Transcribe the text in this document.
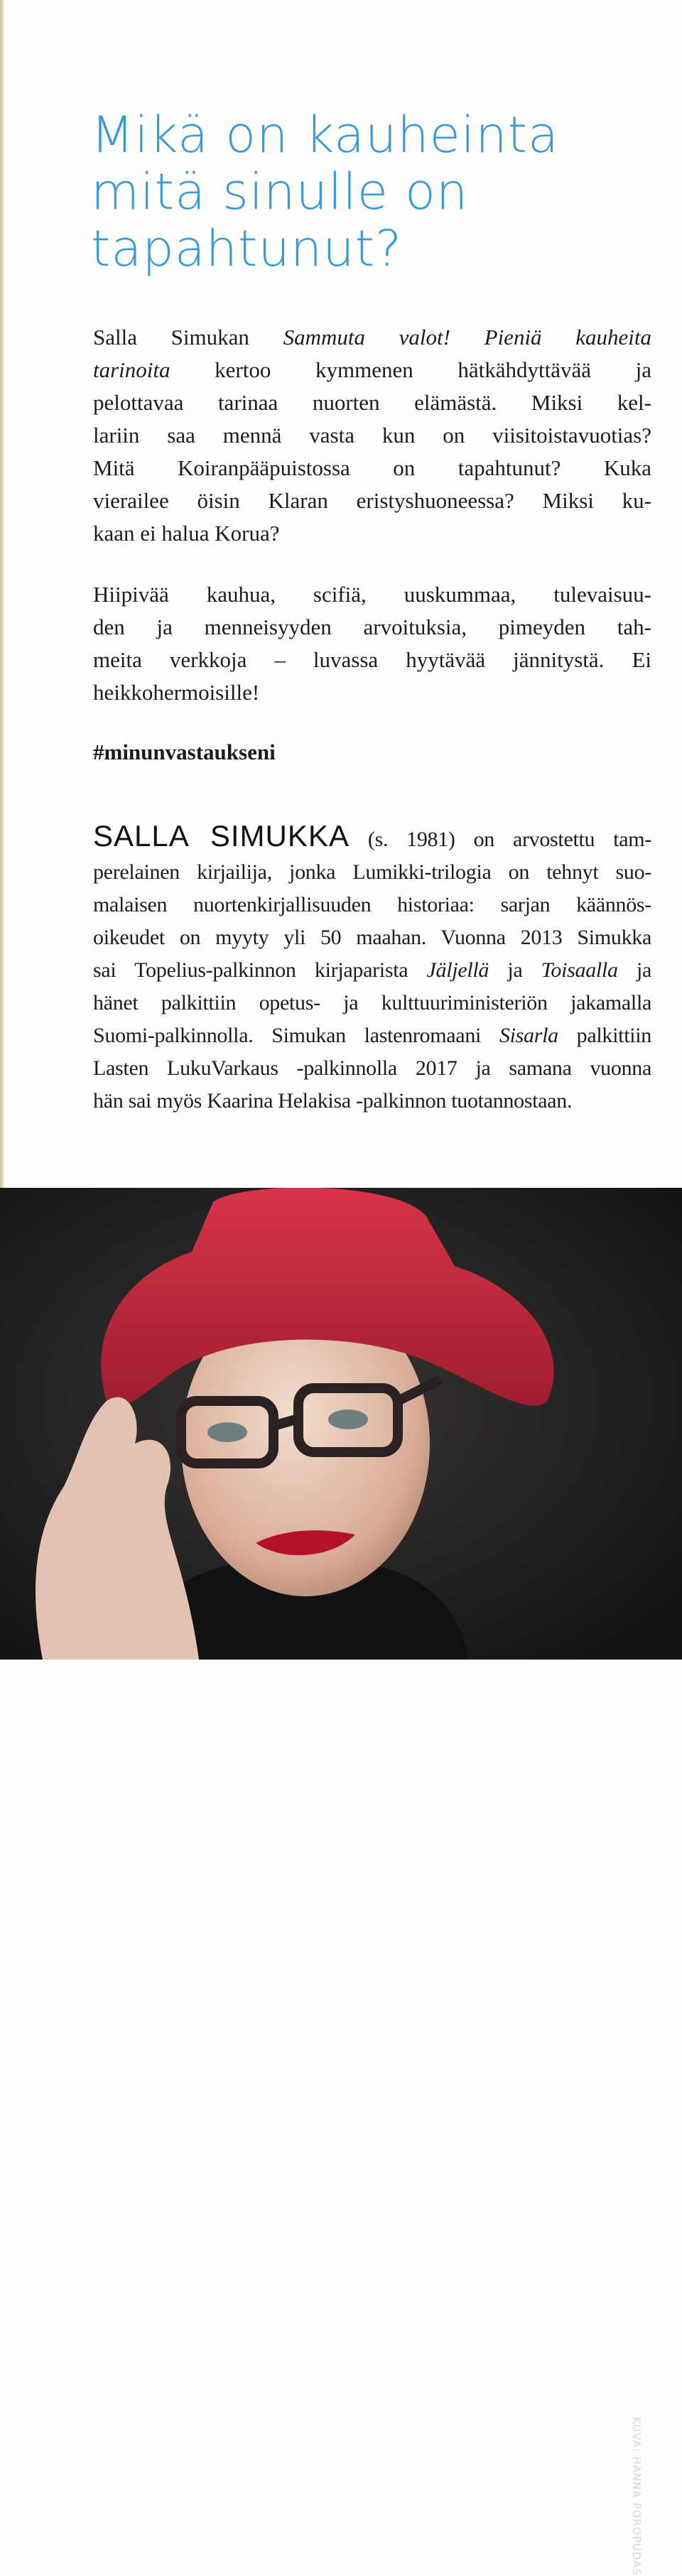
Mikä on kauheinta
mitä sinulle on
tapahtunut?
Salla Simukan Sammuta valot! Pieniä kauheita
tarinoita kertoo kymmenen hätkähdyttävää ja
pelottavaa tarinaa nuorten elämästä. Miksi kel-
lariin saa mennä vasta kun on viisitoistavuotias?
Mitä Koiranpääpuistossa on tapahtunut? Kuka
vierailee öisin Klaran eristyshuoneessa? Miksi ku-
kaan ei halua Korua?
Hiipivää kauhua, scifiä, uuskummaa, tulevaisuu-
den ja menneisyyden arvoituksia, pimeyden tah-
meita verkkoja – luvassa hyytävää jännitystä. Ei
heikkohermoisille!
#minunvastaukseni
SALLA SIMUKKA (s. 1981) on arvostettu tam-
perelainen kirjailija, jonka Lumikki-trilogia on tehnyt suo-
malaisen nuortenkirjallisuuden historiaa: sarjan käännös-
oikeudet on myyty yli 50 maahan. Vuonna 2013 Simukka
sai Topelius-palkinnon kirjaparista Jäljellä ja Toisaalla ja
hänet palkittiin opetus- ja kulttuuriministeriön jakamalla
Suomi-palkinnolla. Simukan lastenromaani Sisarla palkittiin
Lasten LukuVarkaus -palkinnolla 2017 ja samana vuonna
hän sai myös Kaarina Helakisa -palkinnon tuotannostaan.
KUVA: HANNA POROPUDAS
